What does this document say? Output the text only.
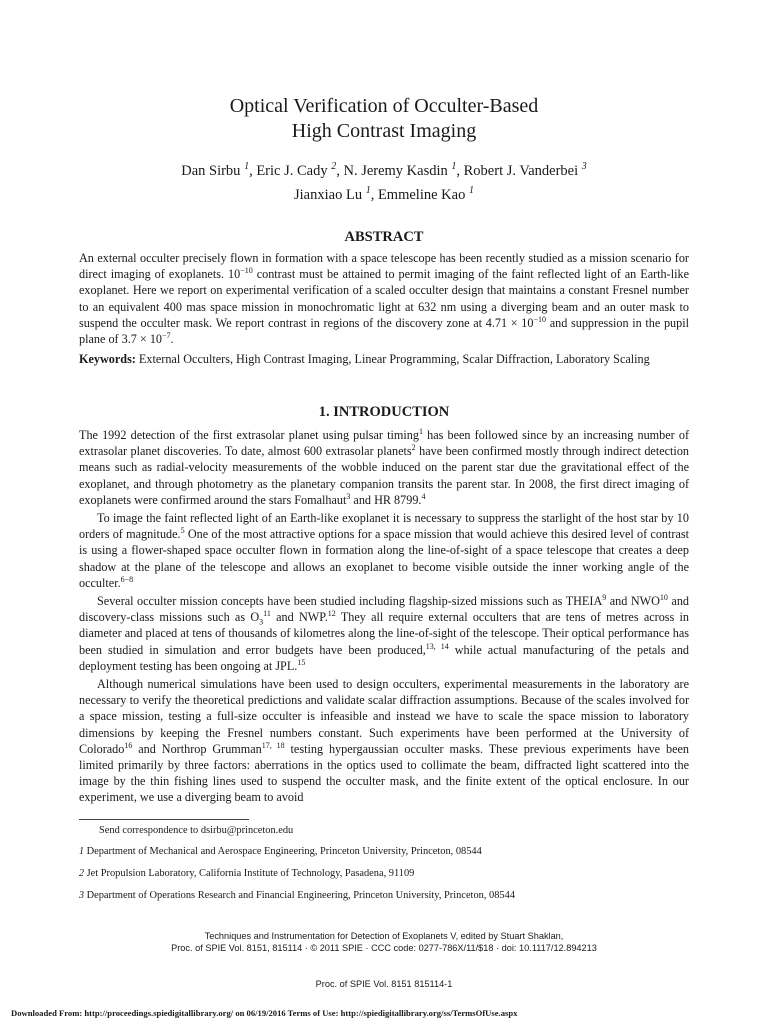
Optical Verification of Occulter-Based
High Contrast Imaging
Dan Sirbu $^1$, Eric J. Cady $^2$, N. Jeremy Kasdin $^1$, Robert J. Vanderbei $^3$
Jianxiao Lu $^1$, Emmeline Kao $^1$
ABSTRACT

An external occulter precisely flown in formation with a space telescope has been recently studied as a mission scenario for direct imaging of exoplanets. $10^{-10}$ contrast must be attained to permit imaging of the faint reflected light of an Earth-like exoplanet. Here we report on experimental verification of a scaled occulter design that maintains a constant Fresnel number to an equivalent 400 mas space mission in monochromatic light at 632 nm using a diverging beam and an outer mask to suspend the occulter mask. We report contrast in regions of the discovery zone at $4.71 \times 10^{-10}$ and suppression in the pupil plane of $3.7 \times 10^{-7}$.

Keywords: External Occulters, High Contrast Imaging, Linear Programming, Scalar Diffraction, Laboratory Scaling

1. INTRODUCTION

The 1992 detection of the first extrasolar planet using pulsar timing$^1$ has been followed since by an increasing number of extrasolar planet discoveries. To date, almost 600 extrasolar planets$^2$ have been confirmed mostly through indirect detection means such as radial-velocity measurements of the wobble induced on the parent star due the gravitational effect of the exoplanet, and through photometry as the planetary companion transits the parent star. In 2008, the first direct imaging of exoplanets were confirmed around the stars Fomalhaut$^3$ and HR 8799.$^4$

To image the faint reflected light of an Earth-like exoplanet it is necessary to suppress the starlight of the host star by 10 orders of magnitude.$^5$ One of the most attractive options for a space mission that would achieve this desired level of contrast is using a flower-shaped space occulter flown in formation along the line-of-sight of a space telescope that creates a deep shadow at the plane of the telescope and allows an exoplanet to become visible outside the inner working angle of the occulter.$^{6-8}$

Several occulter mission concepts have been studied including flagship-sized missions such as THEIA$^9$ and NWO$^{10}$ and discovery-class missions such as $O_3^{11}$ and NWP.$^{12}$ They all require external occulters that are tens of metres across in diameter and placed at tens of thousands of kilometres along the line-of-sight of the telescope. Their optical performance has been studied in simulation and error budgets have been produced,$^{13, 14}$ while actual manufacturing of the petals and deployment testing has been ongoing at JPL.$^{15}$

Although numerical simulations have been used to design occulters, experimental measurements in the laboratory are necessary to verify the theoretical predictions and validate scalar diffraction assumptions. Because of the scales involved for a space mission, testing a full-size occulter is infeasible and instead we have to scale the space mission to laboratory dimensions by keeping the Fresnel numbers constant. Such experiments have been performed at the University of Colorado$^{16}$ and Northrop Grumman$^{17, 18}$ testing hypergaussian occulter masks. These previous experiments have been limited primarily by three factors: aberrations in the optics used to collimate the beam, diffracted light scattered into the image by the thin fishing lines used to suspend the occulter mask, and the finite extent of the optical enclosure. In our experiment, we use a diverging beam to avoid

Send correspondence to dsirbu@princeton.edu
1 Department of Mechanical and Aerospace Engineering, Princeton University, Princeton, 08544
2 Jet Propulsion Laboratory, California Institute of Technology, Pasadena, 91109
3 Department of Operations Research and Financial Engineering, Princeton University, Princeton, 08544
Techniques and Instrumentation for Detection of Exoplanets V, edited by Stuart Shaklan,
Proc. of SPIE Vol. 8151, 815114 · © 2011 SPIE · CCC code: 0277-786X/11/$18 · doi: 10.1117/12.894213
Proc. of SPIE Vol. 8151 815114-1
Downloaded From: http://proceedings.spiedigitallibrary.org/ on 06/19/2016 Terms of Use: http://spiedigitallibrary.org/ss/TermsOfUse.aspx
